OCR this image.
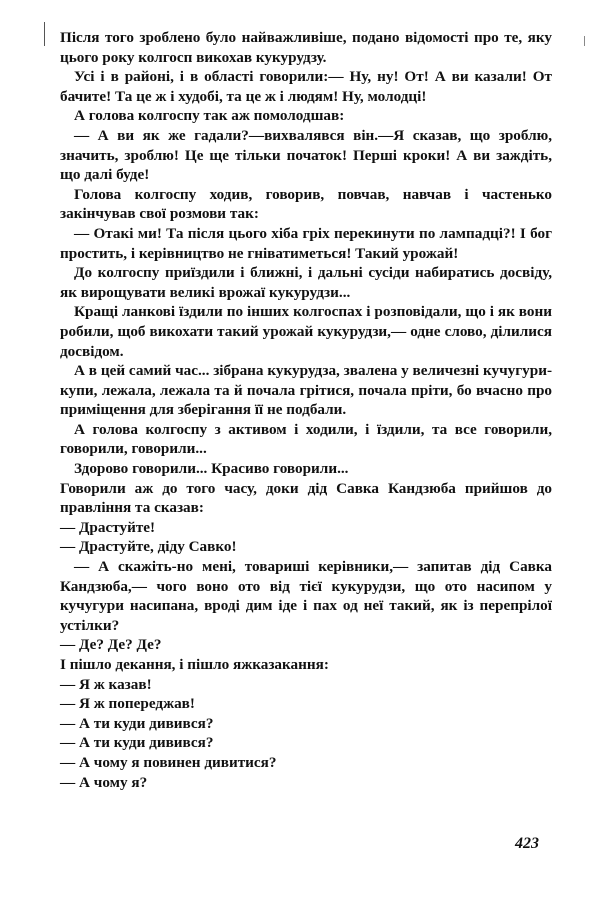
Після того зроблено було найважливіше, подано відомості про те, яку цього року колгосп викохав кукурудзу.

Усі і в районі, і в області говорили:— Ну, ну! От! А ви казали! От бачите! Та це ж і худобі, та це ж і людям! Ну, молодці!

А голова колгоспу так аж помолодшав:

— А ви як же гадали?—вихвалявся він.—Я сказав, що зроблю, значить, зроблю! Це ще тільки початок! Перші кроки! А ви заждіть, що далі буде!

Голова колгоспу ходив, говорив, повчав, навчав і частенько закінчував свої розмови так:

— Отакі ми! Та після цього хіба гріх перекинути по лампадці?! І бог простить, і керівництво не гніватиметься! Такий урожай!

До колгоспу приїздили і ближні, і дальні сусіди набиратись досвіду, як вирощувати великі врожаї кукурудзи...

Кращі ланкові їздили по інших колгоспах і розповідали, що і як вони робили, щоб викохати такий урожай кукурудзи,— одне слово, ділилися досвідом.

А в цей самий час... зібрана кукурудза, звалена у величезні кучугури-купи, лежала, лежала та й почала грітися, почала пріти, бо вчасно про приміщення для зберігання її не подбали.

А голова колгоспу з активом і ходили, і їздили, та все говорили, говорили, говорили...

Здорово говорили... Красиво говорили...

Говорили аж до того часу, доки дід Савка Кандзюба прийшов до правління та сказав:

— Драстуйте!

— Драстуйте, діду Савко!

— А скажіть-но мені, товариші керівники,— запитав дід Савка Кандзюба,— чого воно ото від тієї кукурудзи, що ото насипом у кучугури насипана, вроді дим іде і пах од неї такий, як із перепрілої устілки?

— Де? Де? Де?

І пішло декання, і пішло яжказакання:

— Я ж казав!

— Я ж попереджав!

— А ти куди дивився?

— А ти куди дивився?

— А чому я повинен дивитися?

— А чому я?

423
